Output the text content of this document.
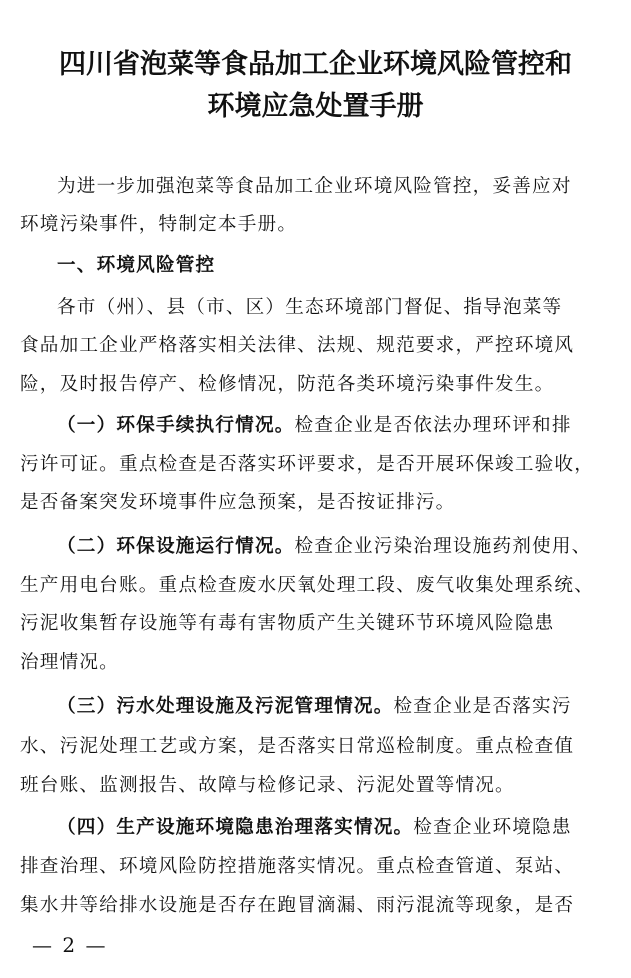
四川省泡菜等食品加工企业环境风险管控和
环境应急处置手册
为进一步加强泡菜等食品加工企业环境风险管控，妥善应对
环境污染事件，特制定本手册。
一、环境风险管控
各市（州）、县（市、区）生态环境部门督促、指导泡菜等
食品加工企业严格落实相关法律、法规、规范要求，严控环境风
险，及时报告停产、检修情况，防范各类环境污染事件发生。
（一）环保手续执行情况。检查企业是否依法办理环评和排
污许可证。重点检查是否落实环评要求，是否开展环保竣工验收，
是否备案突发环境事件应急预案，是否按证排污。
（二）环保设施运行情况。检查企业污染治理设施药剂使用、
生产用电台账。重点检查废水厌氧处理工段、废气收集处理系统、
污泥收集暂存设施等有毒有害物质产生关键环节环境风险隐患
治理情况。
（三）污水处理设施及污泥管理情况。检查企业是否落实污
水、污泥处理工艺或方案，是否落实日常巡检制度。重点检查值
班台账、监测报告、故障与检修记录、污泥处置等情况。
（四）生产设施环境隐患治理落实情况。检查企业环境隐患
排查治理、环境风险防控措施落实情况。重点检查管道、泵站、
集水井等给排水设施是否存在跑冒滴漏、雨污混流等现象，是否
— 2 —
